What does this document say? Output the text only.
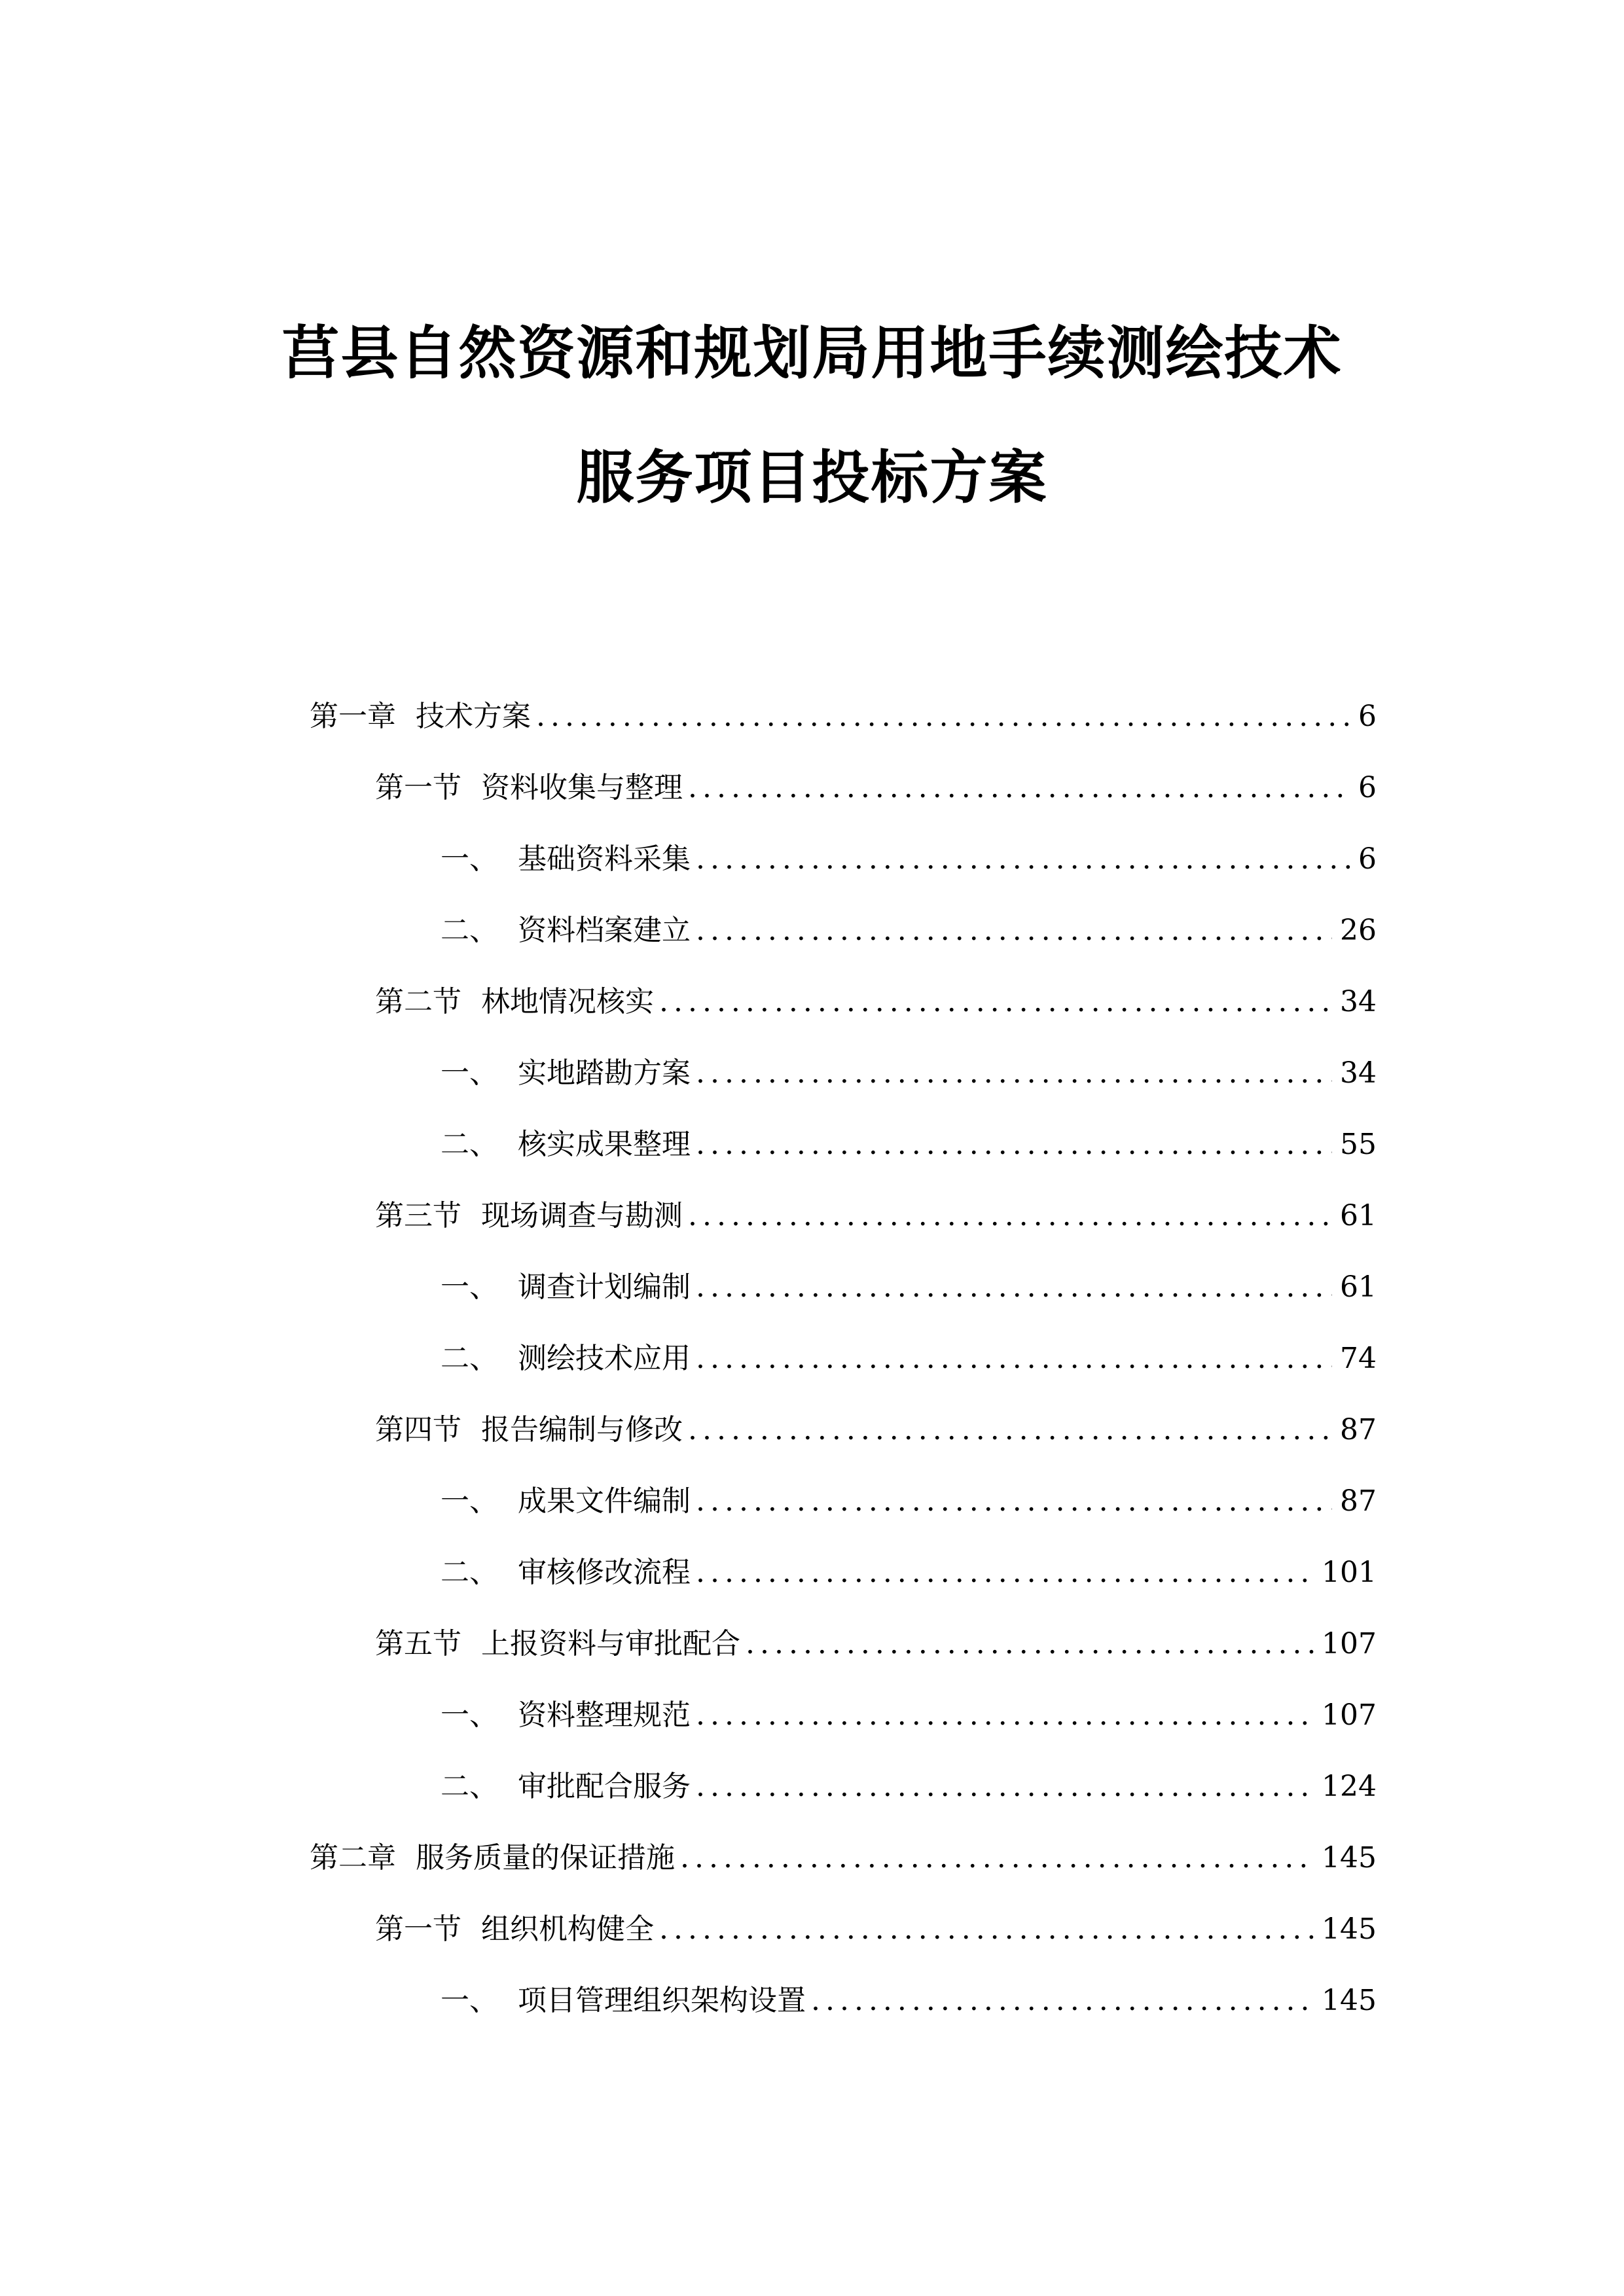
莒县自然资源和规划局用地手续测绘技术
服务项目投标方案
第一章 技术方案 .....	6
第一节 资料收集与整理 .....	6
一、 基础资料采集 .....	6
二、 资料档案建立 .....	26
第二节 林地情况核实 .....	34
一、 实地踏勘方案 .....	34
二、 核实成果整理 .....	55
第三节 现场调查与勘测 .....	61
一、 调查计划编制 .....	61
二、 测绘技术应用 .....	74
第四节 报告编制与修改 .....	87
一、 成果文件编制 .....	87
二、 审核修改流程 .....	101
第五节 上报资料与审批配合 .....	107
一、 资料整理规范 .....	107
二、 审批配合服务 .....	124
第二章 服务质量的保证措施 .....	145
第一节 组织机构健全 .....	145
一、 项目管理组织架构设置 .....	145
